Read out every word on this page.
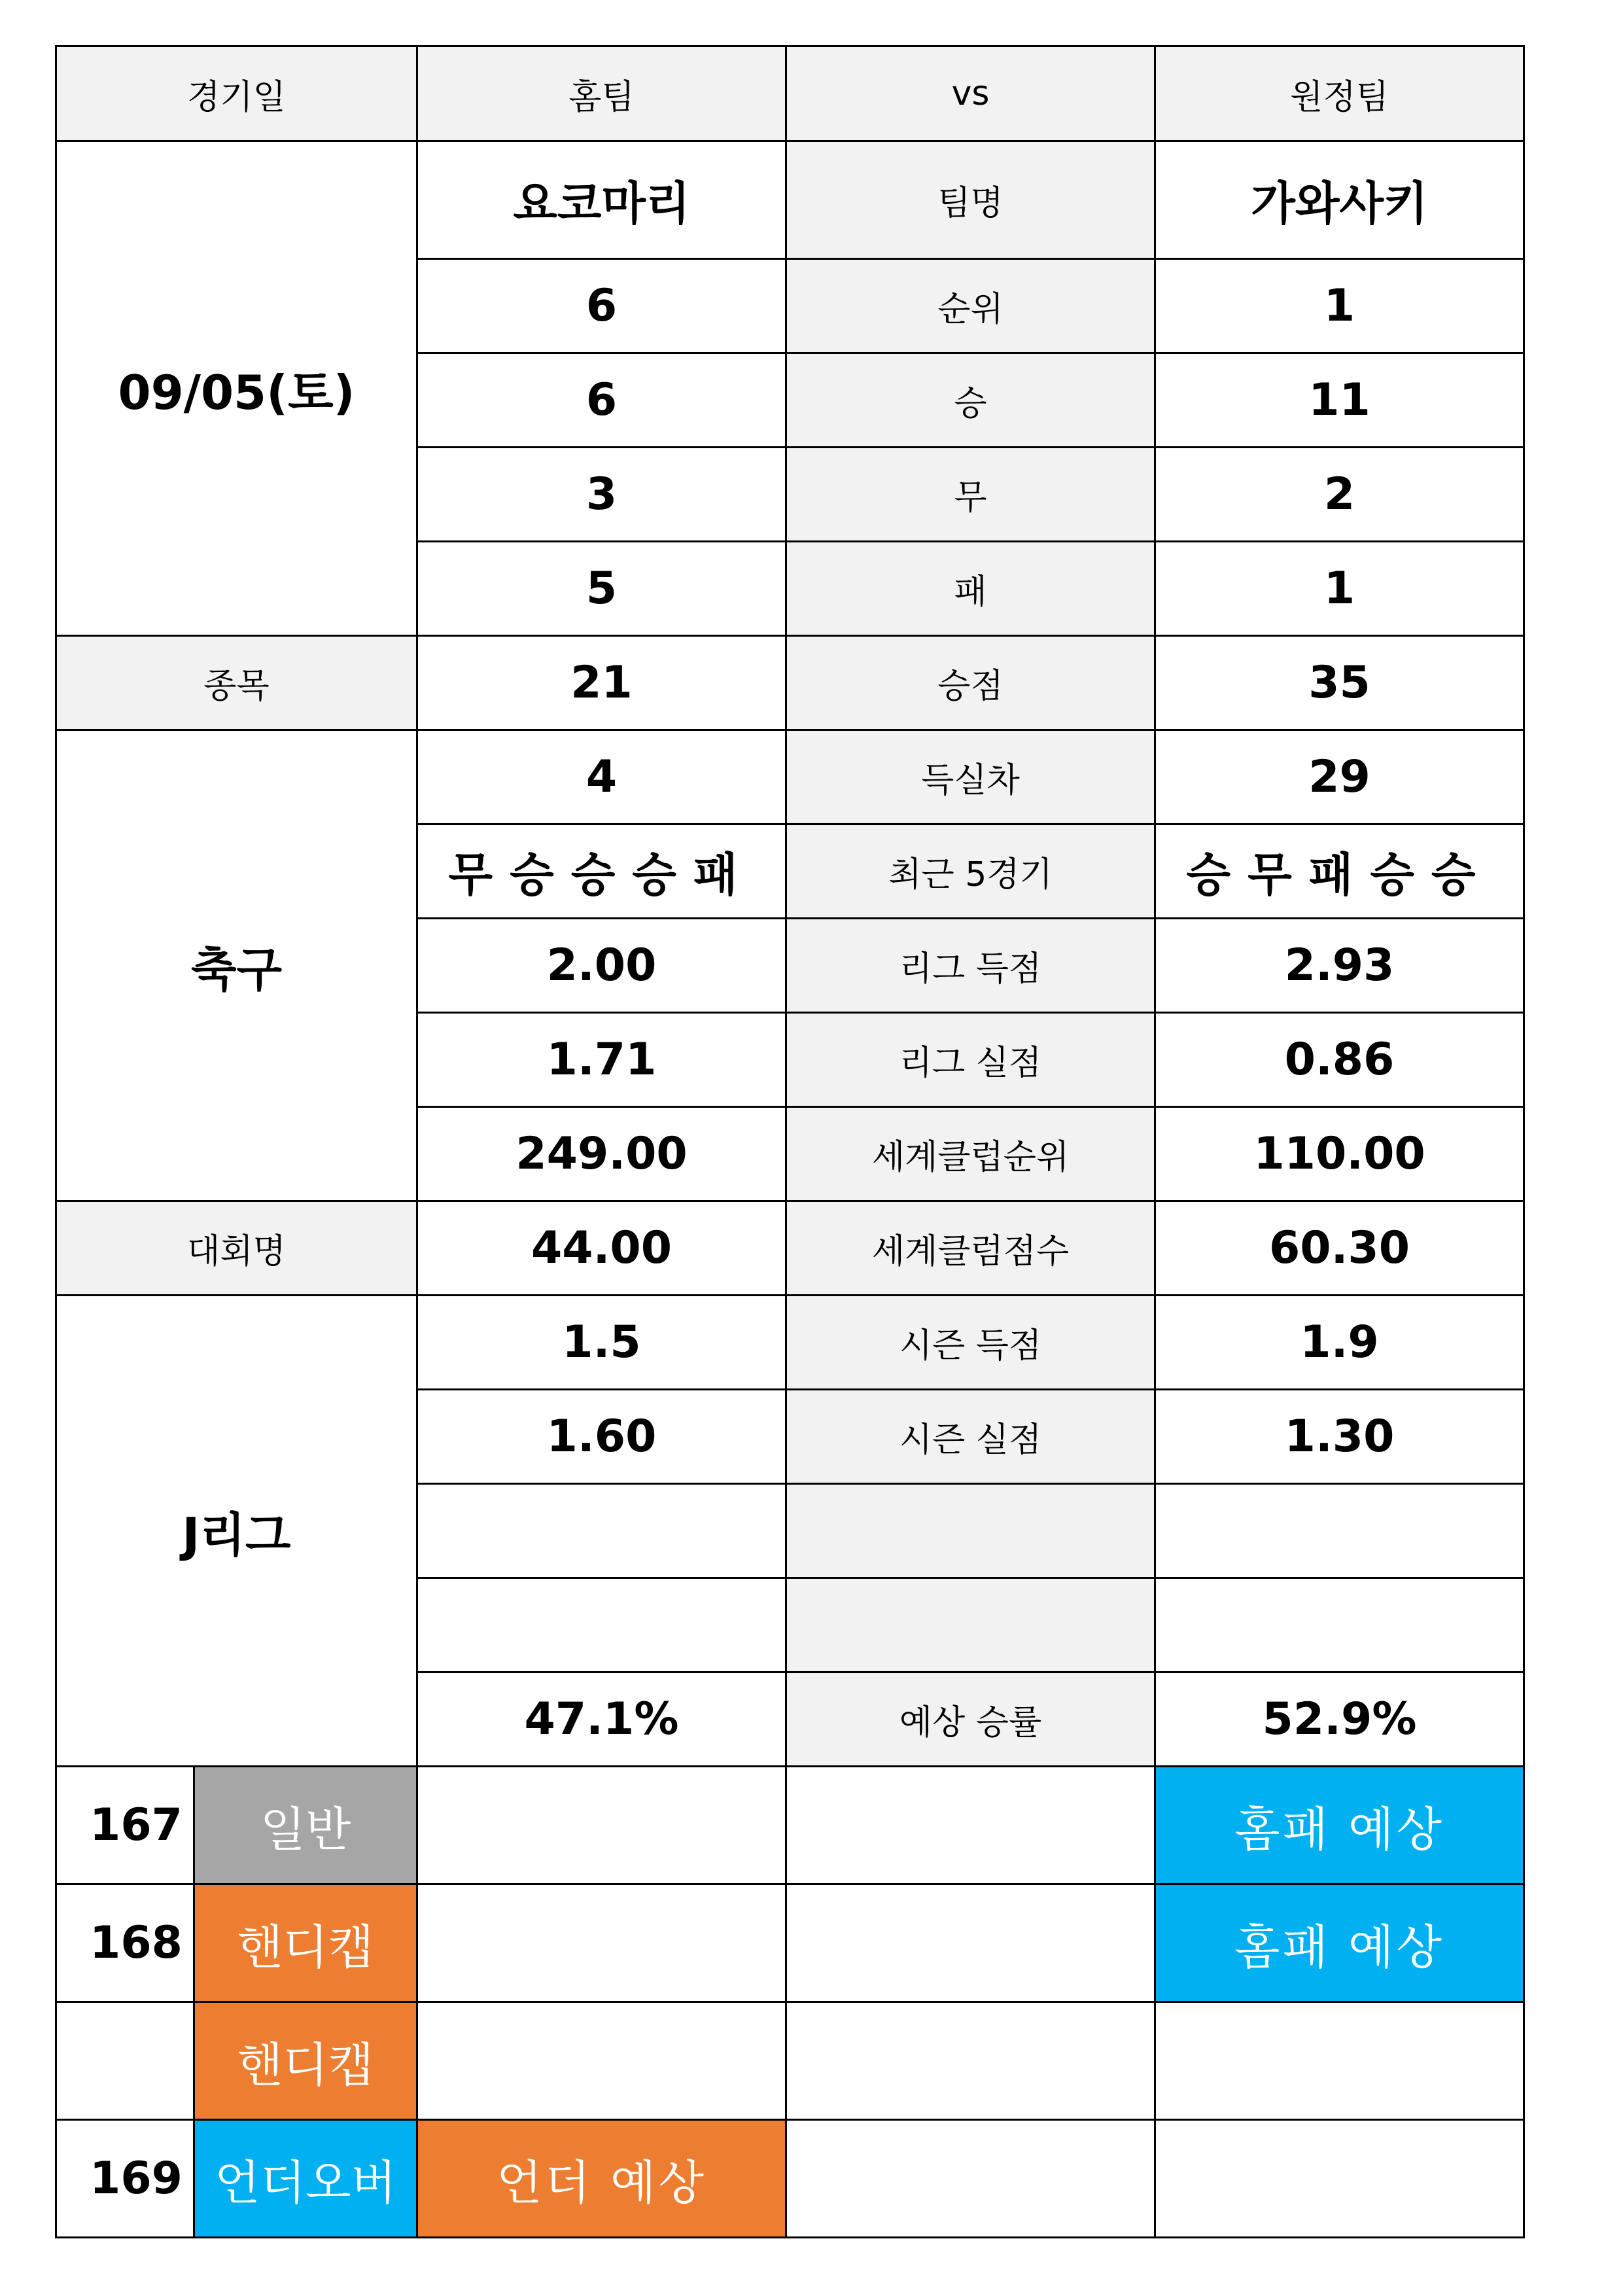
경기일		홈팀	vs	원정팀
09/05(토)		요코마리	팀명	가와사키
		6	순위	1
		6	승	11
		3	무	2
		5	패	1
종목		21	승점	35
축구		4	득실차	29
		무승승승패	최근 5경기	승무패승승
		2.00	리그 득점	2.93
		1.71	리그 실점	0.86
		249.00	세계클럽순위	110.00
대회명		44.00	세계클럼점수	60.30
J리그		1.5	시즌 득점	1.9
		1.60	시즌 실점	1.30

		47.1%	예상 승률	52.9%
167	일반			홈패 예상
168	핸디캡			홈패 예상
	핸디캡			
169	언더오버	언더 예상		
